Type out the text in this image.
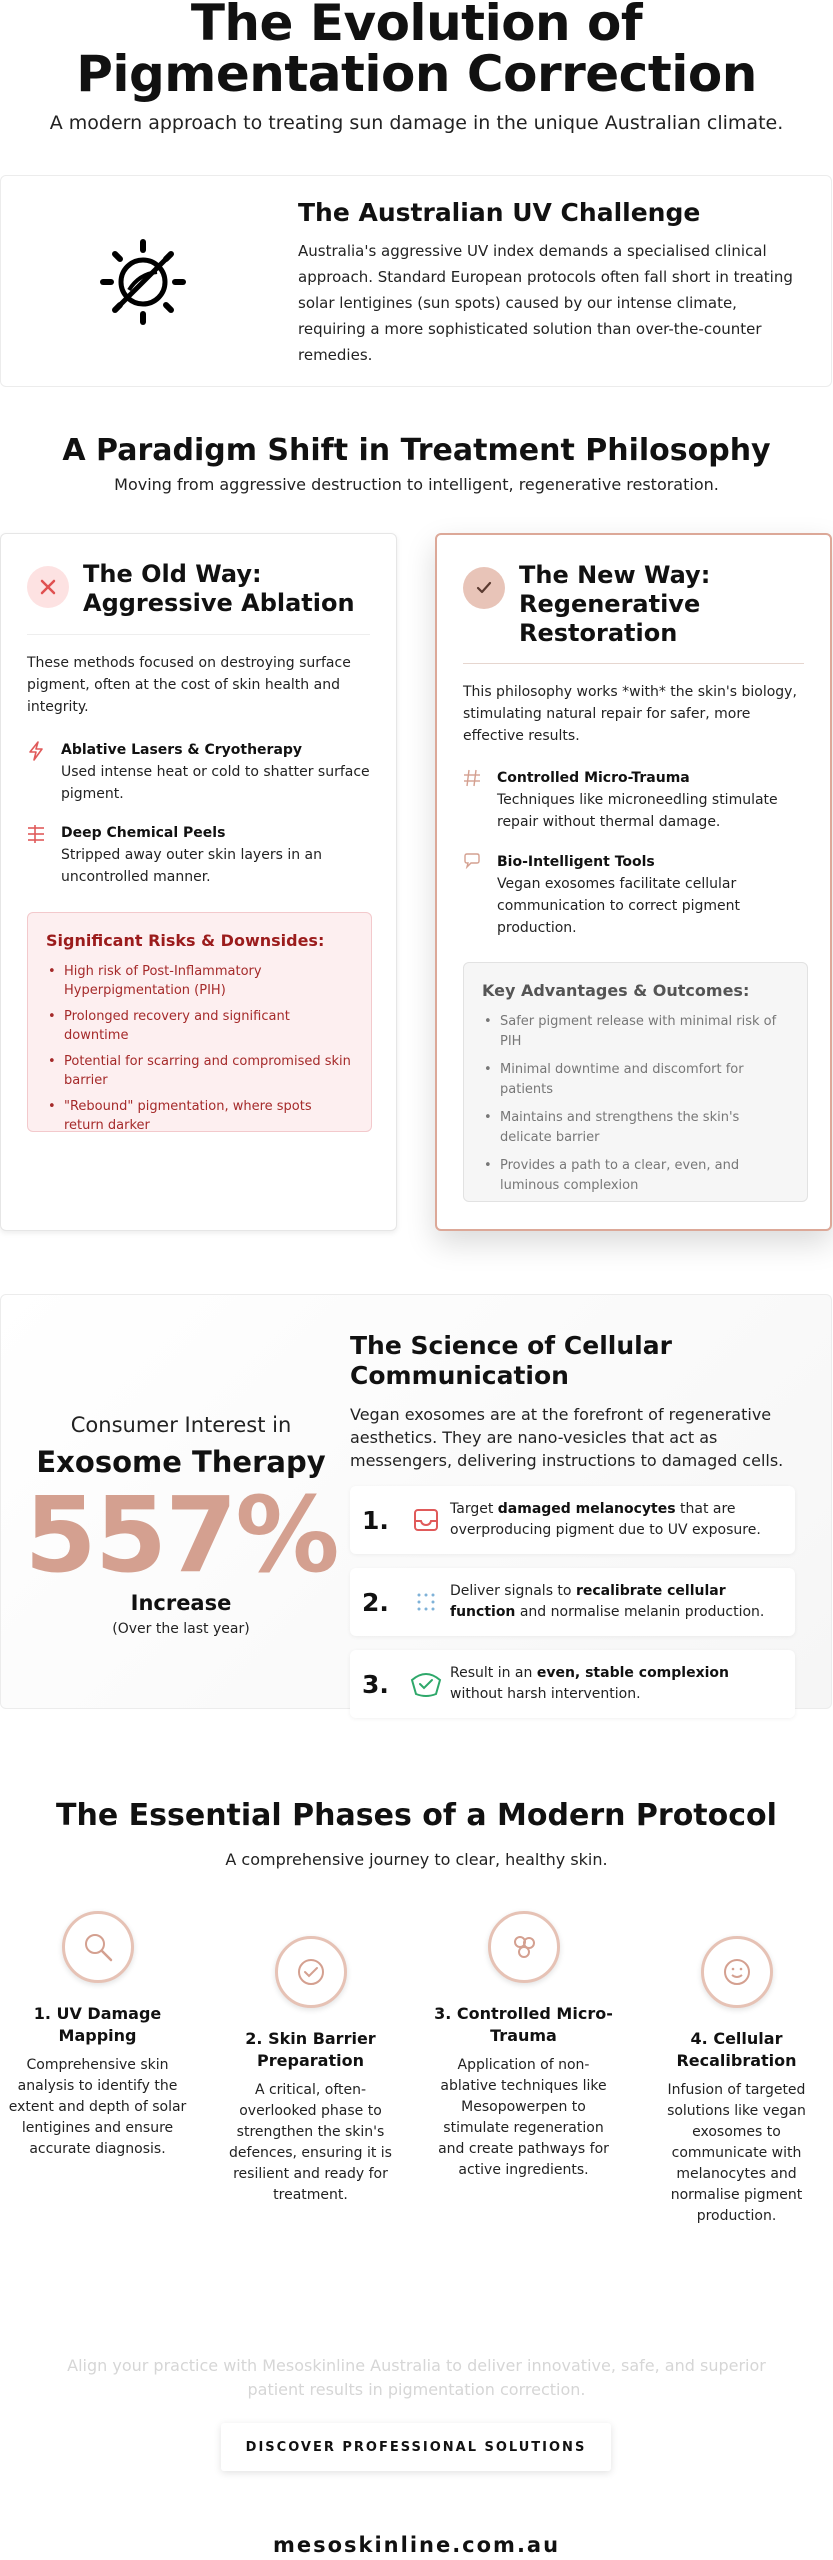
The Evolution of Pigmentation Correction

A modern approach to treating sun damage in the unique Australian climate.

The Australian UV Challenge

Australia's aggressive UV index demands a specialised clinical approach. Standard European protocols often fall short in treating solar lentigines (sun spots) caused by our intense climate, requiring a more sophisticated solution than over-the-counter remedies.

A Paradigm Shift in Treatment Philosophy
Moving from aggressive destruction to intelligent, regenerative restoration.
The Old Way: Aggressive Ablation
These methods focused on destroying surface pigment, often at the cost of skin health and integrity.
Ablative Lasers & Cryotherapy
Used intense heat or cold to shatter surface pigment.
Deep Chemical Peels
Stripped away outer skin layers in an uncontrolled manner.
Significant Risks & Downsides:
• High risk of Post-Inflammatory Hyperpigmentation (PIH)
• Prolonged recovery and significant downtime
• Potential for scarring and compromised skin barrier
• "Rebound" pigmentation, where spots return darker
The New Way: Regenerative Restoration
This philosophy works *with* the skin's biology, stimulating natural repair for safer, more effective results.
Controlled Micro-Trauma
Techniques like microneedling stimulate repair without thermal damage.
Bio-Intelligent Tools
Vegan exosomes facilitate cellular communication to correct pigment production.
Key Advantages & Outcomes:
• Safer pigment release with minimal risk of PIH
• Minimal downtime and discomfort for patients
• Maintains and strengthens the skin's delicate barrier
• Provides a path to a clear, even, and luminous complexion
Consumer Interest in
Exosome Therapy
557%
Increase
(Over the last year)
The Science of Cellular Communication

Vegan exosomes are at the forefront of regenerative aesthetics. They are nano-vesicles that act as messengers, delivering instructions to damaged cells.

1.	Target damaged melanocytes that are overproducing pigment due to UV exposure.
2.	Deliver signals to recalibrate cellular function and normalise melanin production.
3.	Result in an even, stable complexion without harsh intervention.
The Essential Phases of a Modern Protocol
A comprehensive journey to clear, healthy skin.
1. UV Damage Mapping

Comprehensive skin analysis to identify the extent and depth of solar lentigines and ensure accurate diagnosis.

2. Skin Barrier Preparation

A critical, often-overlooked phase to strengthen the skin's defences, ensuring it is resilient and ready for treatment.

3. Controlled Micro-Trauma

Application of non-ablative techniques like Mesopowerpen to stimulate regeneration and create pathways for active ingredients.

4. Cellular Recalibration

Infusion of targeted solutions like vegan exosomes to communicate with melanocytes and normalise pigment production.

Align your practice with Mesoskinline Australia to deliver innovative, safe, and superior patient results in pigmentation correction.
DISCOVER PROFESSIONAL SOLUTIONS
mesoskinline.com.au
